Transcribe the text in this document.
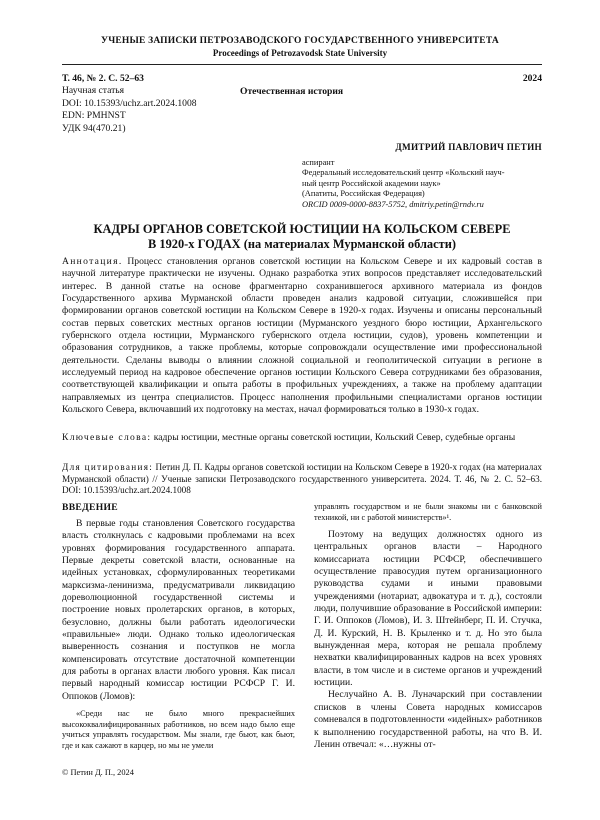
УЧЕНЫЕ ЗАПИСКИ ПЕТРОЗАВОДСКОГО ГОСУДАРСТВЕННОГО УНИВЕРСИТЕТА
Proceedings of Petrozavodsk State University
Т. 46, № 2. С. 52–63
Научная статья
DOI: 10.15393/uchz.art.2024.1008
EDN: PMHNST
УДК 94(470.21)
2024
Отечественная история
ДМИТРИЙ ПАВЛОВИЧ ПЕТИН
аспирант
Федеральный исследовательский центр «Кольский науч-
ный центр Российской академии наук»
(Апатиты, Российская Федерация)
ORCID 0009-0000-8837-5752, dmitriy.petin@rndv.ru
КАДРЫ ОРГАНОВ СОВЕТСКОЙ ЮСТИЦИИ НА КОЛЬСКОМ СЕВЕРЕ
В 1920-х ГОДАХ (на материалах Мурманской области)
Аннотация. Процесс становления органов советской юстиции на Кольском Севере и их кадровый состав в научной литературе практически не изучены. Однако разработка этих вопросов представляет исследовательский интерес. В данной статье на основе фрагментарно сохранившегося архивного материала из фондов Государственного архива Мурманской области проведен анализ кадровой ситуации, сложившейся при формировании органов советской юстиции на Кольском Севере в 1920-х годах. Изучены и описаны персональный состав первых советских местных органов юстиции (Мурманского уездного бюро юстиции, Архангельского губернского отдела юстиции, Мурманского губернского отдела юстиции, судов), уровень компетенции и образования сотрудников, а также проблемы, которые сопровождали осуществление ими профессиональной деятельности. Сделаны выводы о влиянии сложной социальной и геополитической ситуации в регионе в исследуемый период на кадровое обеспечение органов юстиции Кольского Севера сотрудниками без образования, соответствующей квалификации и опыта работы в профильных учреждениях, а также на проблему адаптации направляемых из центра специалистов. Процесс наполнения профильными специалистами органов юстиции Кольского Севера, включавший их подготовку на местах, начал формироваться только в 1930-х годах.
Ключевые слова: кадры юстиции, местные органы советской юстиции, Кольский Север, судебные органы
Для цитирования: Петин Д. П. Кадры органов советской юстиции на Кольском Севере в 1920-х годах (на материалах Мурманской области) // Ученые записки Петрозаводского государственного университета. 2024. Т. 46, № 2. С. 52–63. DOI: 10.15393/uchz.art.2024.1008
ВВЕДЕНИЕ

В первые годы становления Советского государства власть столкнулась с кадровыми проблемами на всех уровнях формирования государственного аппарата. Первые декреты советской власти, основанные на идейных установках, сформулированных теоретиками марксизма-ленинизма, предусматривали ликвидацию дореволюционной государственной системы и построение новых пролетарских органов, в которых, безусловно, должны были работать идеологически «правильные» люди. Однако только идеологическая выверенность сознания и поступков не могла компенсировать отсутствие достаточной компетенции для работы в органах власти любого уровня. Как писал первый народный комиссар юстиции РСФСР Г. И. Оппоков (Ломов):

«Среди нас не было много прекраснейших высококвалифицированных работников, но всем надо было еще учиться управлять государством. Мы знали, где бьют, как бьют, где и как сажают в карцер, но мы не умели

управлять государством и не были знакомы ни с банковской техникой, ни с работой министерств»¹.

Поэтому на ведущих должностях одного из центральных органов власти – Народного комиссариата юстиции РСФСР, обеспечившего осуществление правосудия путем организационного руководства судами и иными правовыми учреждениями (нотариат, адвокатура и т. д.), состояли люди, получившие образование в Российской империи: Г. И. Оппоков (Ломов), И. З. Штейнберг, П. И. Стучка, Д. И. Курский, Н. В. Крыленко и т. д. Но это была вынужденная мера, которая не решала проблему нехватки квалифицированных кадров на всех уровнях власти, в том числе и в системе органов и учреждений юстиции.

Неслучайно А. В. Луначарский при составлении списков в члены Совета народных комиссаров сомневался в подготовленности «идейных» работников к выполнению государственной работы, на что В. И. Ленин отвечал: «…нужны от-

© Петин Д. П., 2024
